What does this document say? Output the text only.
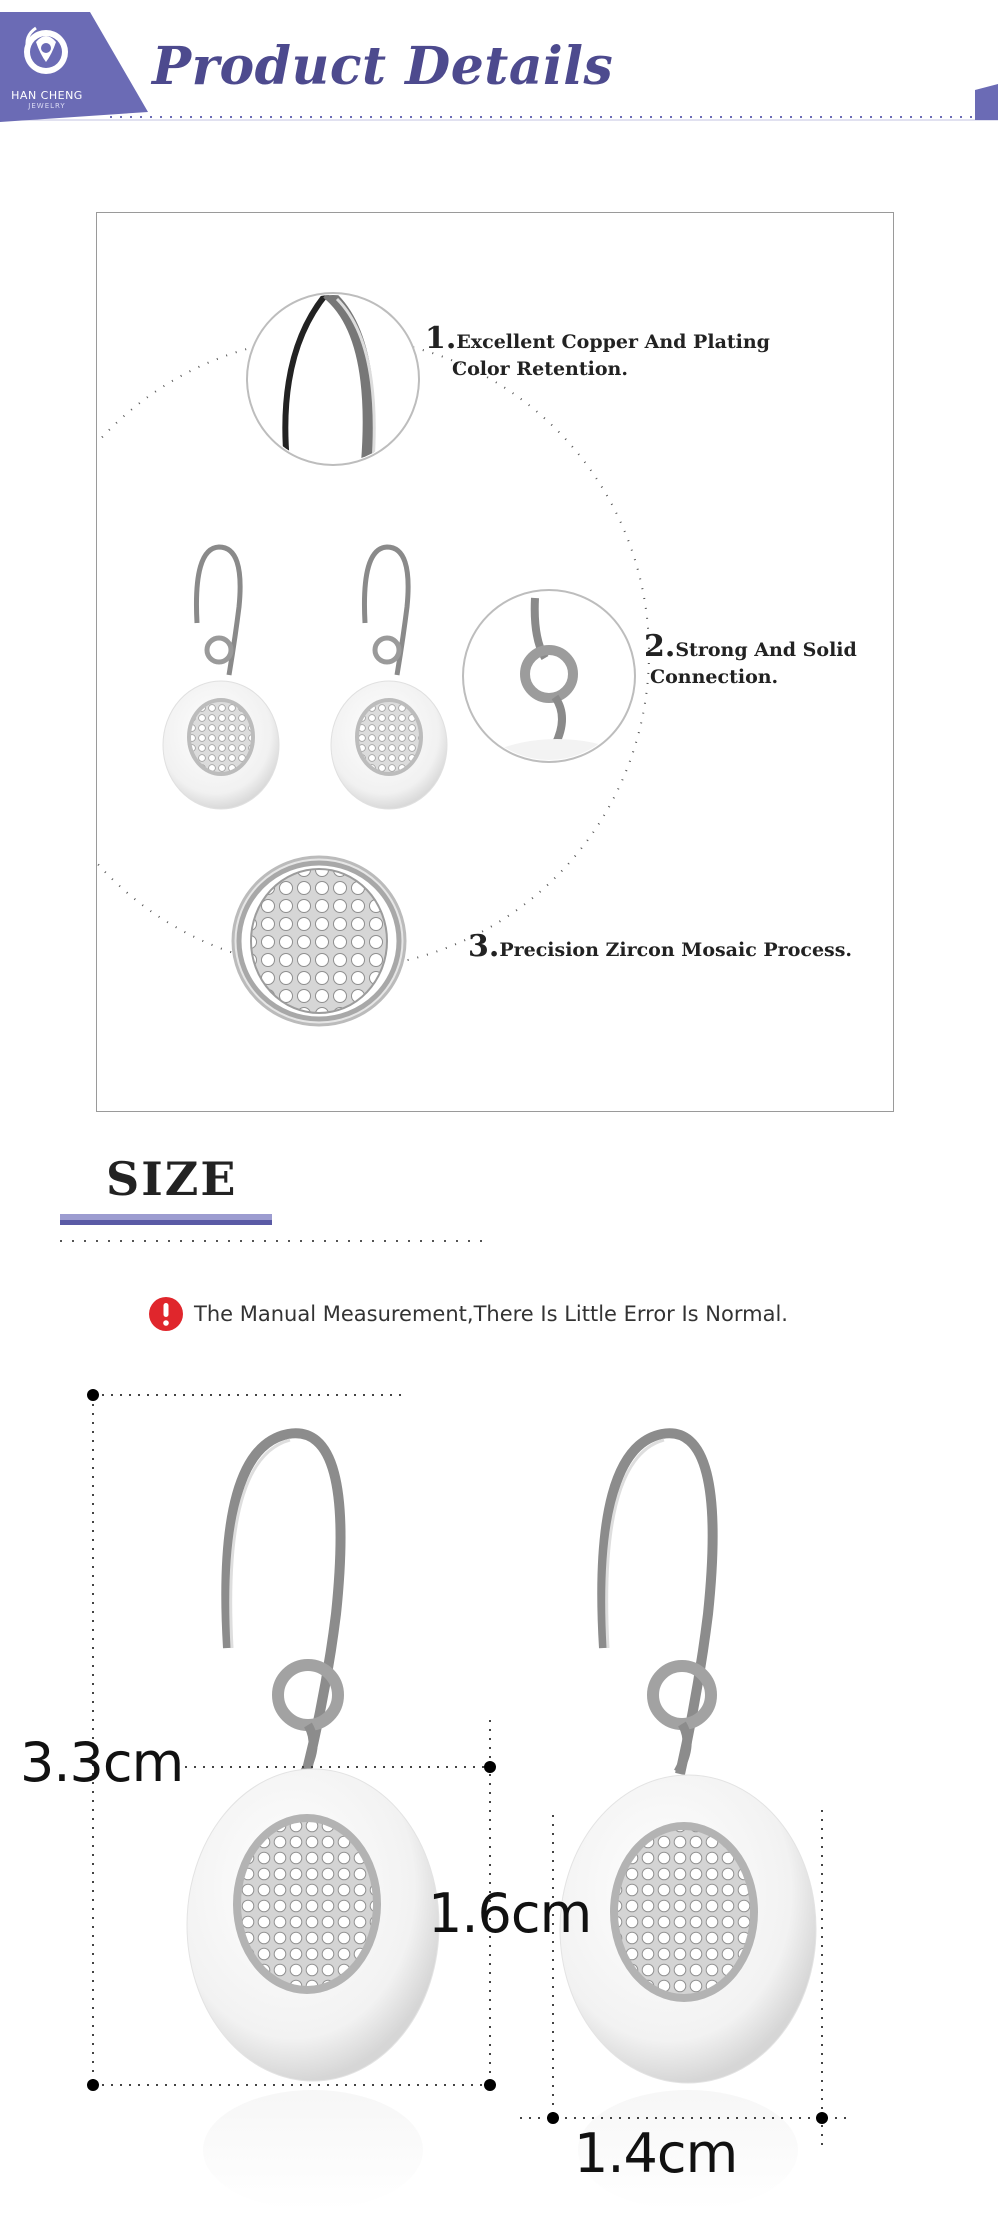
HAN CHENG
JEWELRY
Product Details
1.Excellent Copper And Plating
Color Retention.
2.Strong And Solid
Connection.
3.Precision Zircon Mosaic Process.
SIZE
The Manual Measurement,There Is Little Error Is Normal.
3.3cm
1.6cm
1.4cm
